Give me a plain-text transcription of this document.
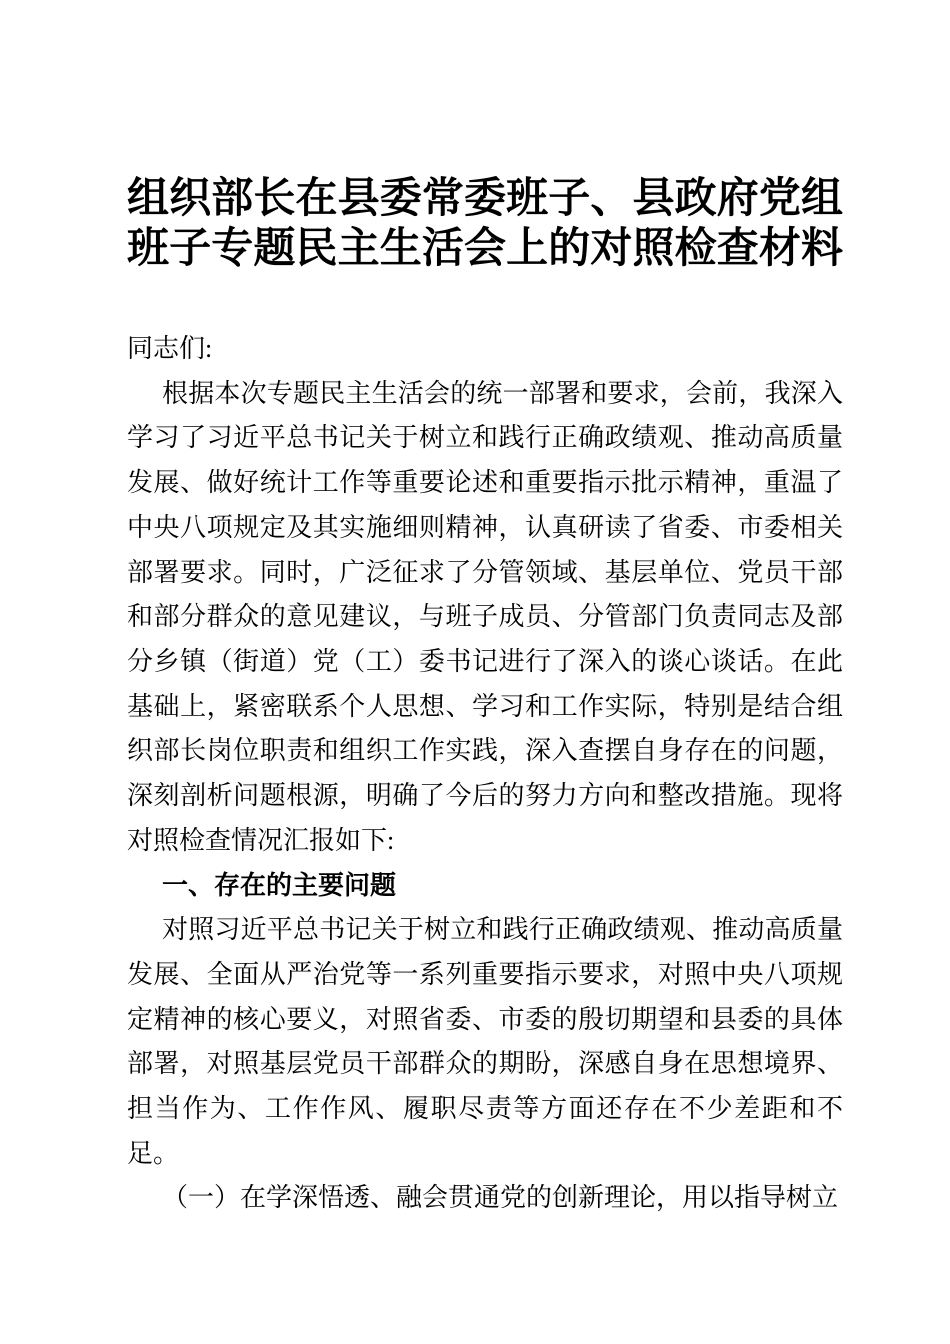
组织部长在县委常委班子、县政府党组
班子专题民主生活会上的对照检查材料

同志们:

根据本次专题民主生活会的统一部署和要求，会前，我深入学习了习近平总书记关于树立和践行正确政绩观、推动高质量发展、做好统计工作等重要论述和重要指示批示精神，重温了中央八项规定及其实施细则精神，认真研读了省委、市委相关部署要求。同时，广泛征求了分管领域、基层单位、党员干部和部分群众的意见建议，与班子成员、分管部门负责同志及部分乡镇（街道）党（工）委书记进行了深入的谈心谈话。在此基础上，紧密联系个人思想、学习和工作实际，特别是结合组织部长岗位职责和组织工作实践，深入查摆自身存在的问题，深刻剖析问题根源，明确了今后的努力方向和整改措施。现将对照检查情况汇报如下:

一、存在的主要问题

对照习近平总书记关于树立和践行正确政绩观、推动高质量发展、全面从严治党等一系列重要指示要求，对照中央八项规定精神的核心要义，对照省委、市委的殷切期望和县委的具体部署，对照基层党员干部群众的期盼，深感自身在思想境界、担当作为、工作作风、履职尽责等方面还存在不少差距和不足。

（一）在学深悟透、融会贯通党的创新理论，用以指导树立
